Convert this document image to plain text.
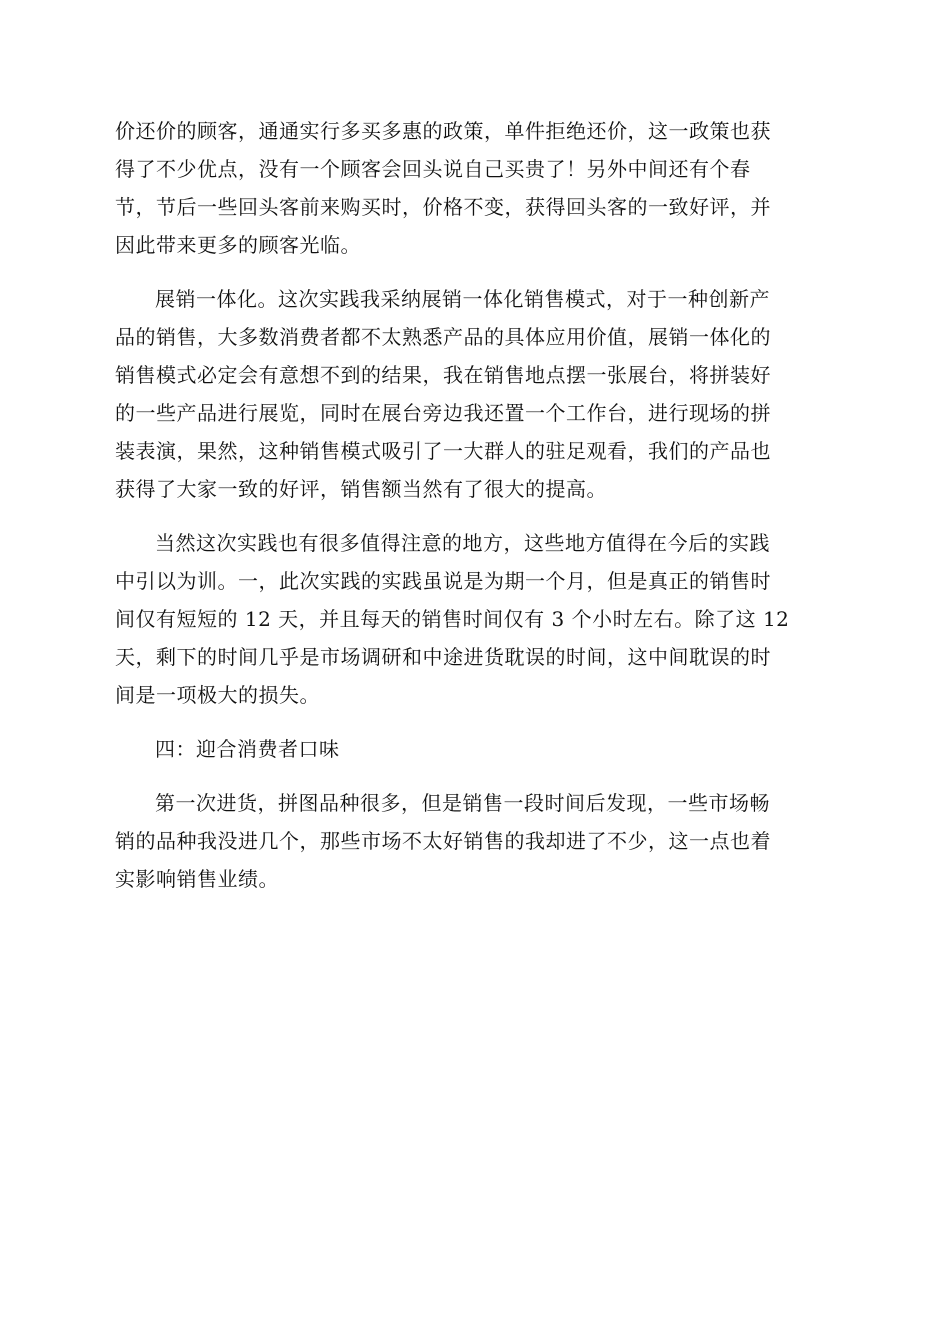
价还价的顾客，通通实行多买多惠的政策，单件拒绝还价，这一政策也获
得了不少优点，没有一个顾客会回头说自己买贵了！另外中间还有个春
节，节后一些回头客前来购买时，价格不变，获得回头客的一致好评，并
因此带来更多的顾客光临。

展销一体化。这次实践我采纳展销一体化销售模式，对于一种创新产
品的销售，大多数消费者都不太熟悉产品的具体应用价值，展销一体化的
销售模式必定会有意想不到的结果，我在销售地点摆一张展台，将拼装好
的一些产品进行展览，同时在展台旁边我还置一个工作台，进行现场的拼
装表演，果然，这种销售模式吸引了一大群人的驻足观看，我们的产品也
获得了大家一致的好评，销售额当然有了很大的提高。

当然这次实践也有很多值得注意的地方，这些地方值得在今后的实践
中引以为训。一，此次实践的实践虽说是为期一个月，但是真正的销售时
间仅有短短的 12 天，并且每天的销售时间仅有 3 个小时左右。除了这 12
天，剩下的时间几乎是市场调研和中途进货耽误的时间，这中间耽误的时
间是一项极大的损失。

四：迎合消费者口味

第一次进货，拼图品种很多，但是销售一段时间后发现，一些市场畅
销的品种我没进几个，那些市场不太好销售的我却进了不少，这一点也着
实影响销售业绩。
